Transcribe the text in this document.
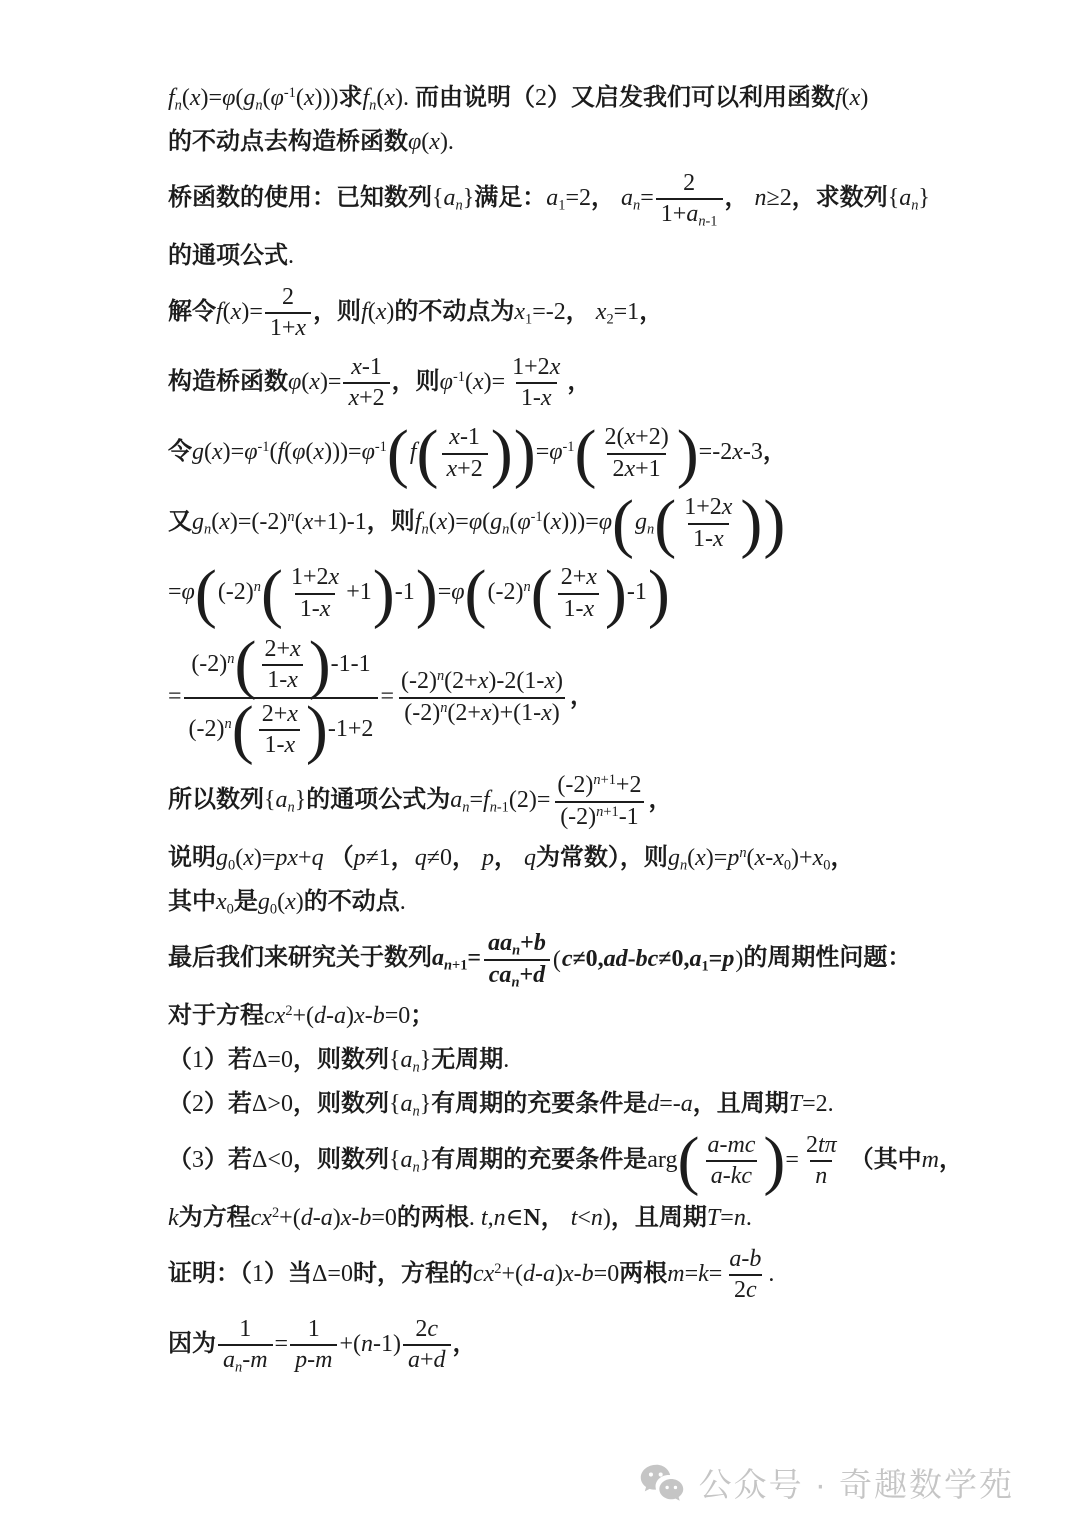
$f_n(x)=\varphi(g_n(\varphi^{-1}(x)))$求$f_n(x)$. 而由说明（2）又启发我们可以利用函数f(x)
的不动点去构造桥函数φ(x).
桥函数的使用：已知数列$\{a_n\}$满足：$a_1=2$， $a_n= \frac{2}{1+a_{n-1}}$ ， n≥2，求数列$\{a_n\}$
的通项公式.
解令$f(x)= \frac{2}{1+x}$ ，则f(x)的不动点为$x_1=-2$， $x_2=1$，
构造桥函数$\varphi(x)= \frac{x-1}{x+2}$ ，则$\varphi^{-1}(x)= \frac{1+2x}{1-x}$ ，
令$g(x)=\varphi^{-1}(f(\varphi(x)))=\varphi^{-1}$ ( f ( $\frac{x-1}{x+2}$ ) ) $=\varphi^{-1}$ ( $\frac{2(x+2)}{2x+1}$ ) =-2x-3，
又$g_n(x)=(-2)^n(x+1)-1$，则$f_n(x)=\varphi(g_n(\varphi^{-1}(x)))=\varphi$ ( $g_n$ ( $\frac{1+2x}{1-x}$ ) )
=φ ( $(-2)^n$ ( $\frac{1+2x}{1-x} +1$ ) -1 ) =φ ( $(-2)^n$ ( $\frac{2+x}{1-x}$ ) -1 )
= $\frac{(-2)^n ( \frac{2+x}{1-x} ) -1-1}{(-2)^n ( \frac{2+x}{1-x} ) -1+2} = \frac{(-2)^n(2+x)-2(1-x)}{(-2)^n(2+x)+(1-x)}$ ，
所以数列$\{a_n\}$的通项公式为$a_n=f_{n-1}(2)= \frac{(-2)^{n+1}+2}{(-2)^{n+1}-1}$ ，
说明$g_0(x)=px+q$ （p≠1，q≠0， p， q为常数），则$g_n(x)=p^n(x-x_0)+x_0$，
其中$x_0$是$g_0(x)$的不动点.
最后我们来研究关于数列$a_{n+1}=$
$aa_n+b$
$ca_n+d$
( $c\ne 0,ad-bc\ne 0,a_1=p$ ) 的周期性问题：
对于方程$cx^2+(d-a)x-b=0$；
（1）若Δ=0，则数列$\{a_n\}$无周期.
（2）若Δ>0，则数列$\{a_n\}$有周期的充要条件是d=-a，且周期T=2.
（3）若Δ<0，则数列$\{a_n\}$有周期的充要条件是arg ( $\frac{a-mc}{a-kc}$ ) = $\frac{2t\pi}{n}$ （其中m，
k为方程$cx^2+(d-a)x-b=0$的两根. t,n∈N， t<n)，且周期T=n.
证明：（1）当Δ=0时，方程的$cx^2+(d-a)x-b=0$两根$m=k= \frac{a-b}{2c}$ .
因为 $\frac{1}{a_n-m} = \frac{1}{p-m} +(n-1) \frac{2c}{a+d}$ ，
公众号 · 奇趣数学苑
